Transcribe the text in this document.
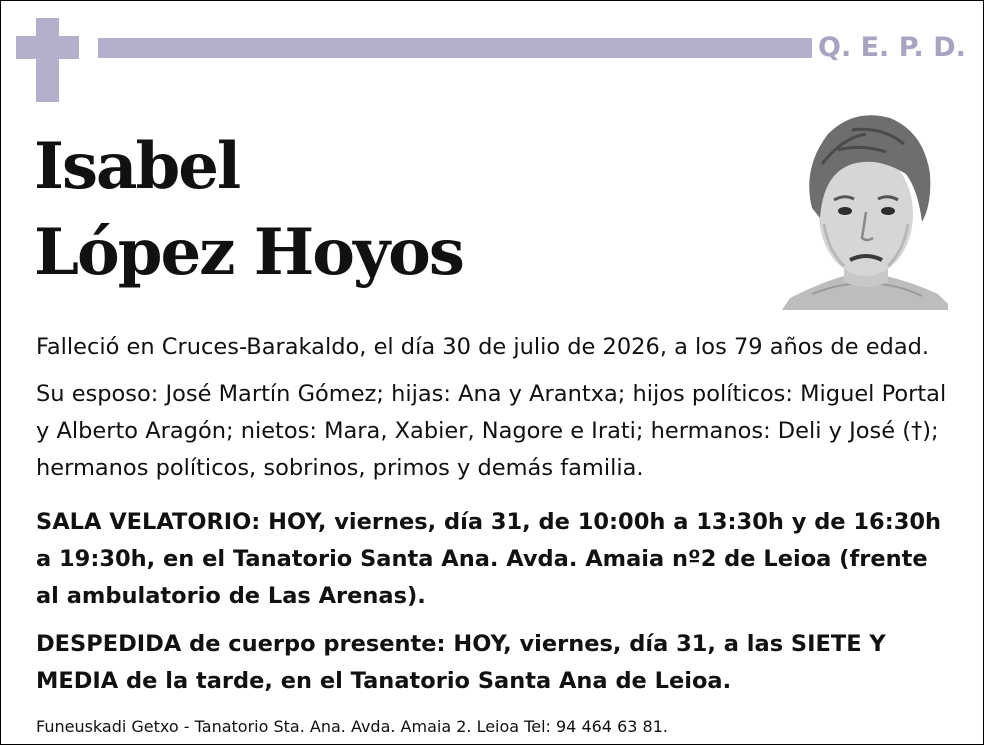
Q. E. P. D.
Isabel
López Hoyos

Falleció en Cruces-Barakaldo, el día 30 de julio de 2026, a los 79 años de edad.

Su esposo: José Martín Gómez; hijas: Ana y Arantxa; hijos políticos: Miguel Portal y Alberto Aragón; nietos: Mara, Xabier, Nagore e Irati; hermanos: Deli y José (†); hermanos políticos, sobrinos, primos y demás familia.

SALA VELATORIO: HOY, viernes, día 31, de 10:00h a 13:30h y de 16:30h a 19:30h, en el Tanatorio Santa Ana. Avda. Amaia nº2 de Leioa (frente al ambulatorio de Las Arenas).

DESPEDIDA de cuerpo presente: HOY, viernes, día 31, a las SIETE Y MEDIA de la tarde, en el Tanatorio Santa Ana de Leioa.

Funeuskadi Getxo - Tanatorio Sta. Ana. Avda. Amaia 2. Leioa Tel: 94 464 63 81.
